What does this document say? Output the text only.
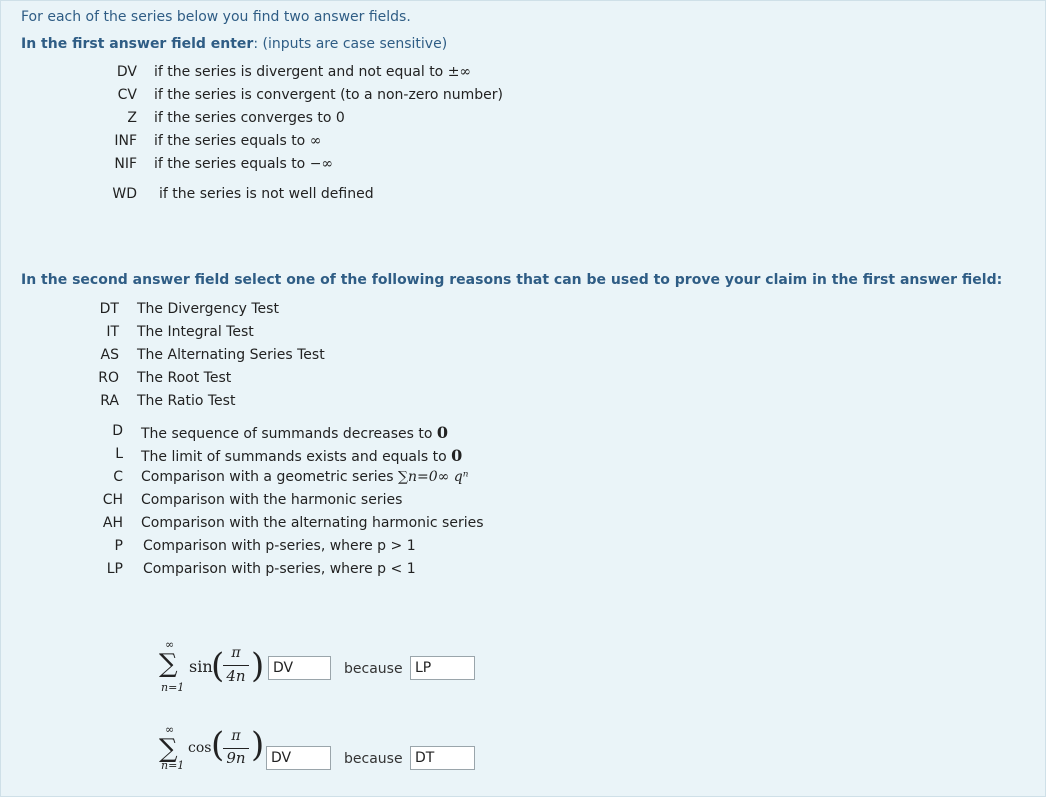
For each of the series below you find two answer fields.
In the first answer field enter: (inputs are case sensitive)
DV if the series is divergent and not equal to ±∞
CV if the series is convergent (to a non-zero number)
Z if the series converges to 0
INF if the series equals to ∞
NIF if the series equals to −∞
WD if the series is not well defined
In the second answer field select one of the following reasons that can be used to prove your claim in the first answer field:
DT The Divergency Test
IT The Integral Test
AS The Alternating Series Test
RO The Root Test
RA The Ratio Test
D The sequence of summands decreases to 0
L The limit of summands exists and equals to 0
C Comparison with a geometric series ∑n=0∞ qⁿ
CH Comparison with the harmonic series
AH Comparison with the alternating harmonic series
P Comparison with p-series, where p > 1
LP Comparison with p-series, where p < 1
∞
∑
n=1
sin
( π
4n ) DV	because LP
∞
∑
n=1
cos ( π
9n ) DV	because DT
